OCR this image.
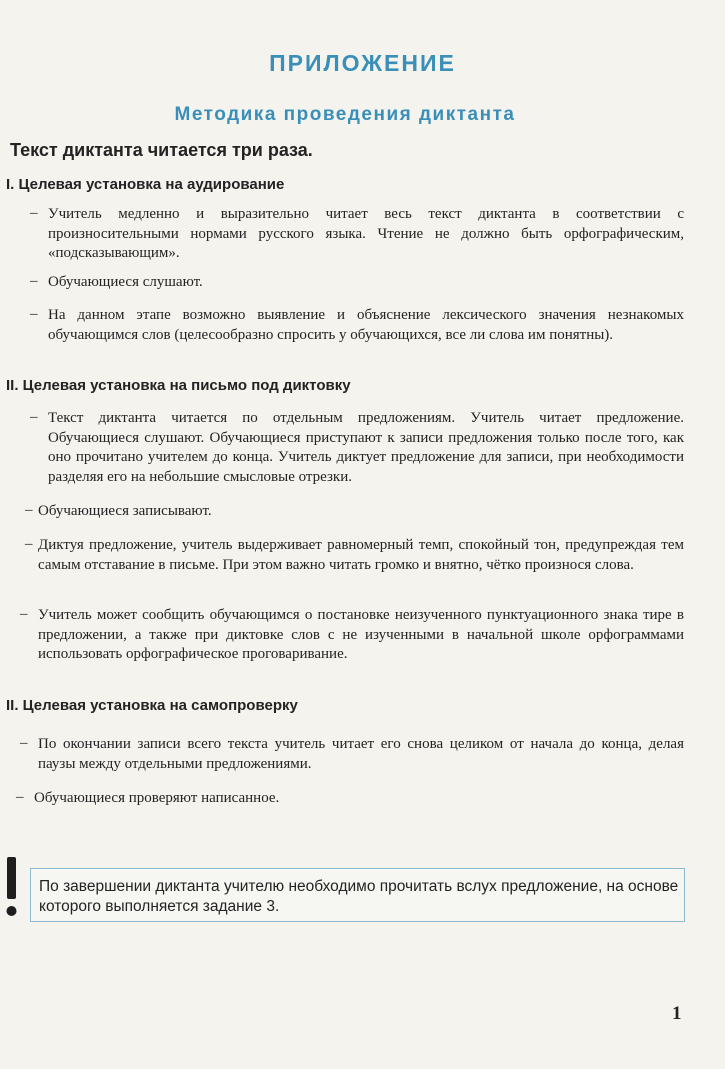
ПРИЛОЖЕНИЕ
Методика проведения диктанта
Текст диктанта читается три раза.
I. Целевая установка на аудирование
– Учитель медленно и выразительно читает весь текст диктанта в соответствии с произносительными нормами русского языка. Чтение не должно быть орфографическим, «подсказывающим».
– Обучающиеся слушают.
– На данном этапе возможно выявление и объяснение лексического значения незнакомых обучающимся слов (целесообразно спросить у обучающихся, все ли слова им понятны).
II. Целевая установка на письмо под диктовку
– Текст диктанта читается по отдельным предложениям. Учитель читает предложение. Обучающиеся слушают. Обучающиеся приступают к записи предложения только после того, как оно прочитано учителем до конца. Учитель диктует предложение для записи, при необходимости разделяя его на небольшие смысловые отрезки.
– Обучающиеся записывают.
– Диктуя предложение, учитель выдерживает равномерный темп, спокойный тон, предупреждая тем самым отставание в письме. При этом важно читать громко и внятно, чётко произнося слова.
– Учитель может сообщить обучающимся о постановке неизученного пунктуационного знака тире в предложении, а также при диктовке слов с не изученными в начальной школе орфограммами использовать орфографическое проговаривание.
II. Целевая установка на самопроверку
– По окончании записи всего текста учитель читает его снова целиком от начала до конца, делая паузы между отдельными предложениями.
– Обучающиеся проверяют написанное.
По завершении диктанта учителю необходимо прочитать вслух предложение, на основе которого выполняется задание 3.
1
